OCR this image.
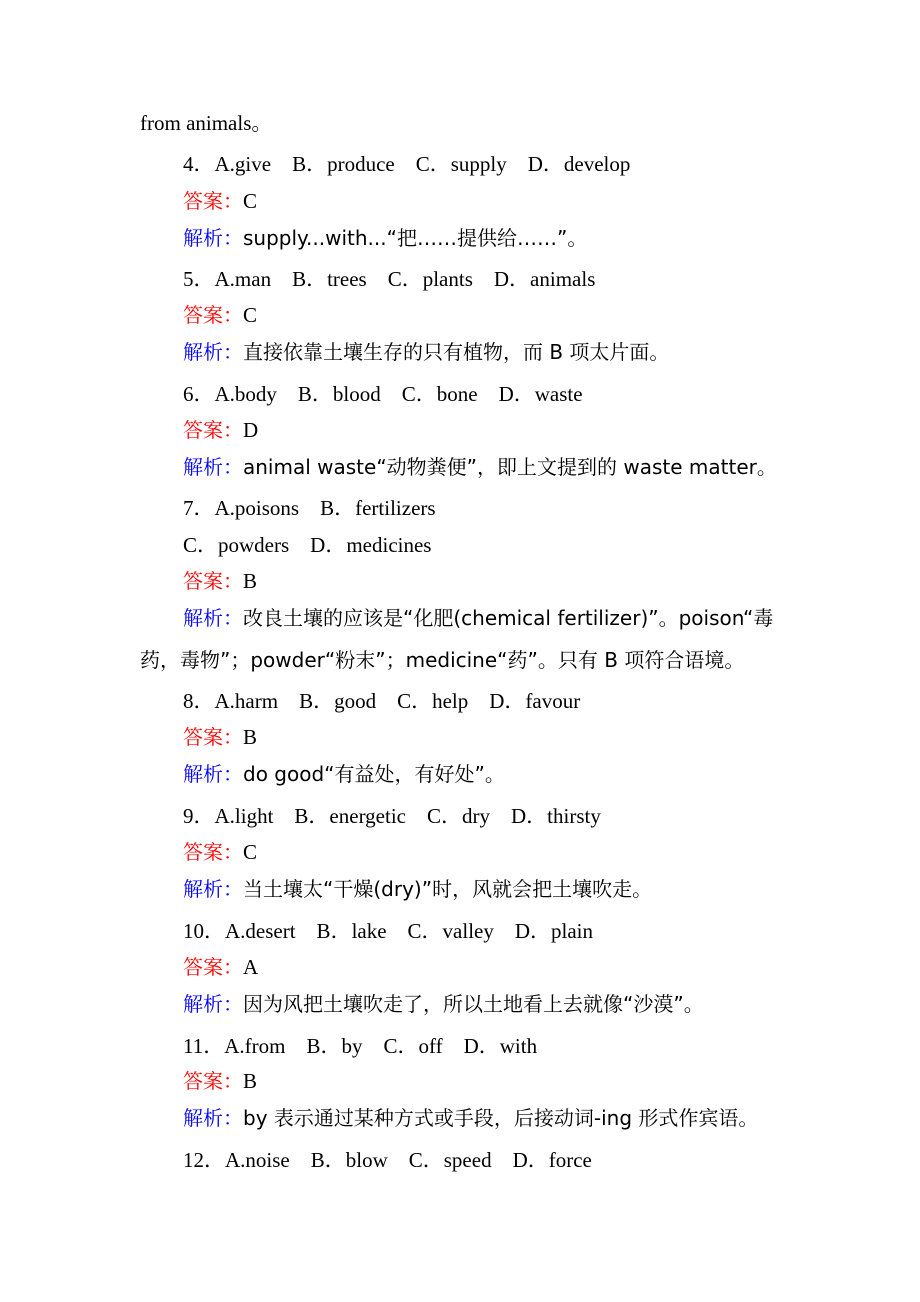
from animals。
4．A.give    B．produce    C．supply    D．develop
答案：C
解析：supply...with...“把……提供给……”。
5．A.man    B．trees    C．plants    D．animals
答案：C
解析：直接依靠土壤生存的只有植物，而 B 项太片面。
6．A.body    B．blood    C．bone    D．waste
答案：D
解析：animal waste“动物粪便”，即上文提到的 waste matter。
7．A.poisons    B．fertilizers
C．powders    D．medicines
答案：B
解析：改良土壤的应该是“化肥(chemical fertilizer)”。poison“毒
药，毒物”；powder“粉末”；medicine“药”。只有 B 项符合语境。
8．A.harm    B．good    C．help    D．favour
答案：B
解析：do good“有益处，有好处”。
9．A.light    B．energetic    C．dry    D．thirsty
答案：C
解析：当土壤太“干燥(dry)”时，风就会把土壤吹走。
10．A.desert    B．lake    C．valley    D．plain
答案：A
解析：因为风把土壤吹走了，所以土地看上去就像“沙漠”。
11．A.from    B．by    C．off    D．with
答案：B
解析：by 表示通过某种方式或手段，后接动词-ing 形式作宾语。
12．A.noise    B．blow    C．speed    D．force
